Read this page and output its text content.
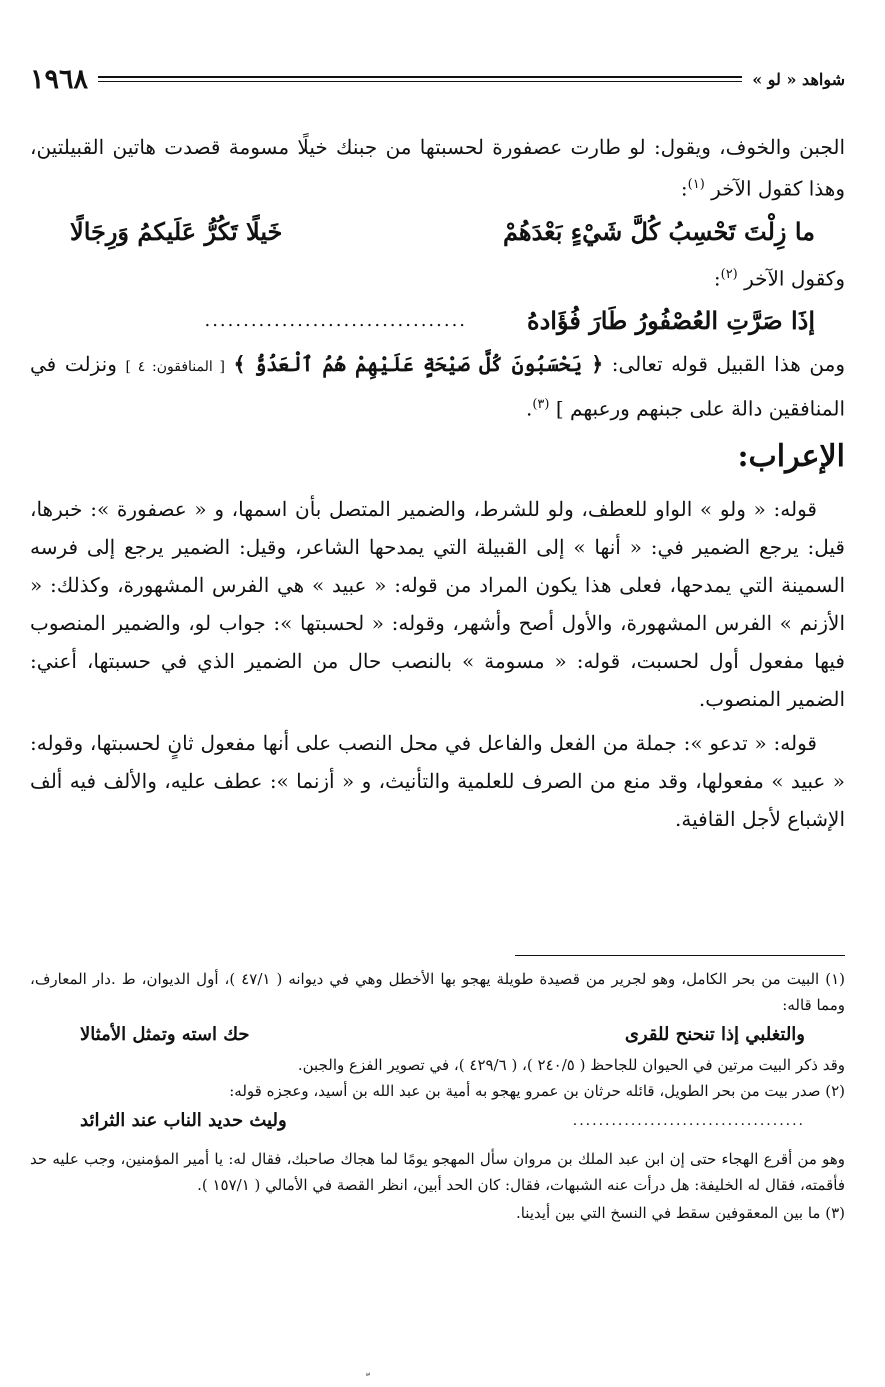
شواهد « لو »
١٩٦٨

الجبن والخوف، ويقول: لو طارت عصفورة لحسبتها من جبنك خيلًا مسومة قصدت هاتين القبيلتين، وهذا كقول الآخر $^{(١)}$:

ما زِلْتَ تَحْسِبُ كُلَّ شَيْءٍ بَعْدَهُمْ
خَيلًا تَكُرُّ عَلَيكمُ وَرِجَالًا

وكقول الآخر $^{(٢)}$:

إذَا صَرَّتِ العُصْفُورُ طَارَ فُؤَادهُ
..................................

ومن هذا القبيل قوله تعالى: ﴿ يَحْسَبُونَ كُلَّ صَيْحَةٍ عَلَيْهِمْ هُمُ ٱلْعَدُوُّ ﴾ [ المنافقون: ٤ ] ونزلت في المنافقين دالة على جبنهم ورعبهم ] $^{(٣)}$.

الإعراب:

قوله: « ولو » الواو للعطف، ولو للشرط، والضمير المتصل بأن اسمها، و « عصفورة »: خبرها، قيل: يرجع الضمير في: « أنها » إلى القبيلة التي يمدحها الشاعر، وقيل: الضمير يرجع إلى فرسه السمينة التي يمدحها، فعلى هذا يكون المراد من قوله: « عبيد » هي الفرس المشهورة، وكذلك: « الأزنم » الفرس المشهورة، والأول أصح وأشهر، وقوله: « لحسبتها »: جواب لو، والضمير المنصوب فيها مفعول أول لحسبت، قوله: « مسومة » بالنصب حال من الضمير الذي في حسبتها، أعني: الضمير المنصوب.

قوله: « تدعو »: جملة من الفعل والفاعل في محل النصب على أنها مفعول ثانٍ لحسبتها، وقوله: « عبيد » مفعولها، وقد منع من الصرف للعلمية والتأنيث، و « أزنما »: عطف عليه، والألف فيه ألف الإشباع لأجل القافية.

(١) البيت من بحر الكامل، وهو لجرير من قصيدة طويلة يهجو بها الأخطل وهي في ديوانه ( ٤٧/١ )، أول الديوان، ط .دار المعارف، ومما قاله:
والتغلبي إذا تنحنح للقرى
حك استه وتمثل الأمثالا
وقد ذكر البيت مرتين في الحيوان للجاحظ ( ٢٤٠/٥ )، ( ٤٢٩/٦ )، في تصوير الفزع والجبن.
(٢) صدر بيت من بحر الطويل، قائله حرثان بن عمرو يهجو به أمية بن عبد الله بن أسيد، وعجزه قوله:
....................................
وليث حديد الناب عند الثرائد
وهو من أقرع الهجاء حتى إن ابن عبد الملك بن مروان سأل المهجو يومًا لما هجاك صاحبك، فقال له: يا أمير المؤمنين، وجب عليه حد فأقمته، فقال له الخليفة: هل درأت عنه الشبهات، فقال: كان الحد أبين، انظر القصة في الأمالي ( ١٥٧/١ ).
(٣) ما بين المعقوفين سقط في النسخ التي بين أيدينا.
